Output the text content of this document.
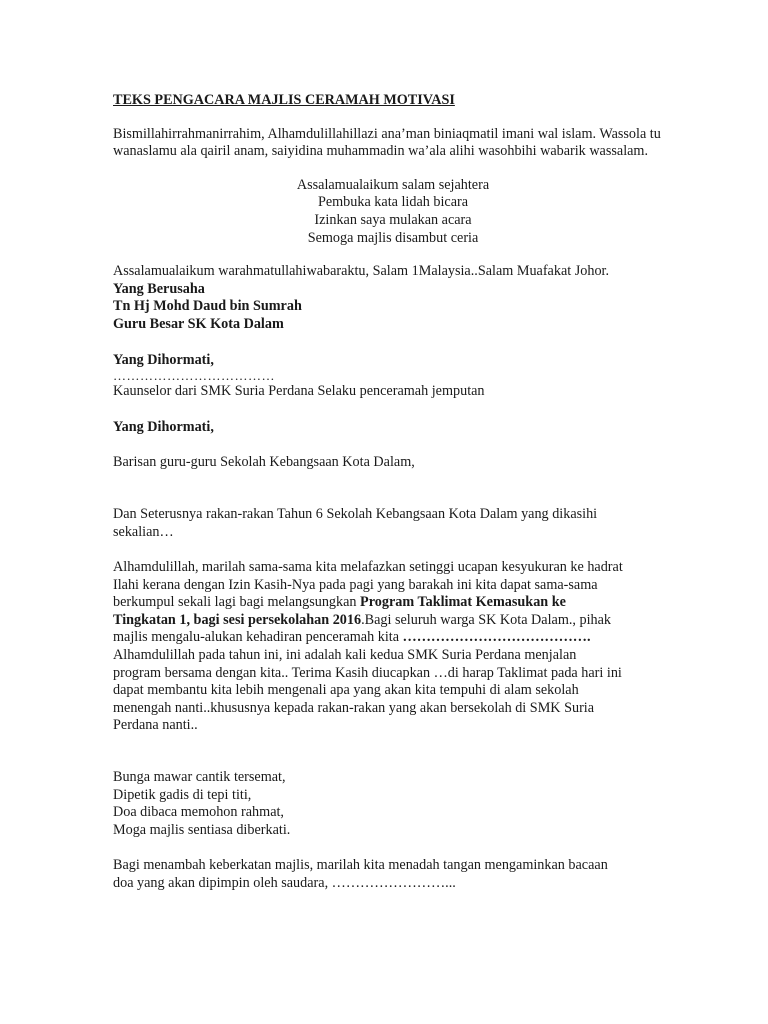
TEKS PENGACARA MAJLIS CERAMAH MOTIVASI

Bismillahirrahmanirrahim, Alhamdulillahillazi ana’man biniaqmatil imani wal islam. Wassola tu

wanaslamu ala qairil anam, saiyidina muhammadin wa’ala alihi wasohbihi wabarik wassalam.

Assalamualaikum salam sejahtera

Pembuka kata lidah bicara

Izinkan saya mulakan acara

Semoga majlis disambut ceria

Assalamualaikum warahmatullahiwabaraktu, Salam 1Malaysia..Salam Muafakat Johor.

Yang Berusaha

Tn Hj Mohd Daud bin Sumrah

Guru Besar SK Kota Dalam

Yang Dihormati,

………………………………

Kaunselor dari SMK Suria Perdana Selaku penceramah jemputan

Yang Dihormati,

Barisan guru-guru Sekolah Kebangsaan Kota Dalam,

Dan Seterusnya rakan-rakan Tahun 6 Sekolah Kebangsaan Kota Dalam yang dikasihi

sekalian…

Alhamdulillah, marilah sama-sama kita melafazkan setinggi ucapan kesyukuran ke hadrat

Ilahi kerana dengan Izin Kasih-Nya pada pagi yang barakah ini kita dapat sama-sama

berkumpul sekali lagi bagi melangsungkan Program Taklimat Kemasukan ke

Tingkatan 1, bagi sesi persekolahan 2016.Bagi seluruh warga SK Kota Dalam., pihak

majlis mengalu-alukan kehadiran penceramah kita ………………………………….

Alhamdulillah pada tahun ini, ini adalah kali kedua SMK Suria Perdana menjalan

program bersama dengan kita.. Terima Kasih diucapkan …di harap Taklimat pada hari ini

dapat membantu kita lebih mengenali apa yang akan kita tempuhi di alam sekolah

menengah nanti..khususnya kepada rakan-rakan yang akan bersekolah di SMK Suria

Perdana nanti..

Bunga mawar cantik tersemat,

Dipetik gadis di tepi titi,

Doa dibaca memohon rahmat,

Moga majlis sentiasa diberkati.

Bagi menambah keberkatan majlis, marilah kita menadah tangan mengaminkan bacaan

doa yang akan dipimpin oleh saudara, ……………………...
